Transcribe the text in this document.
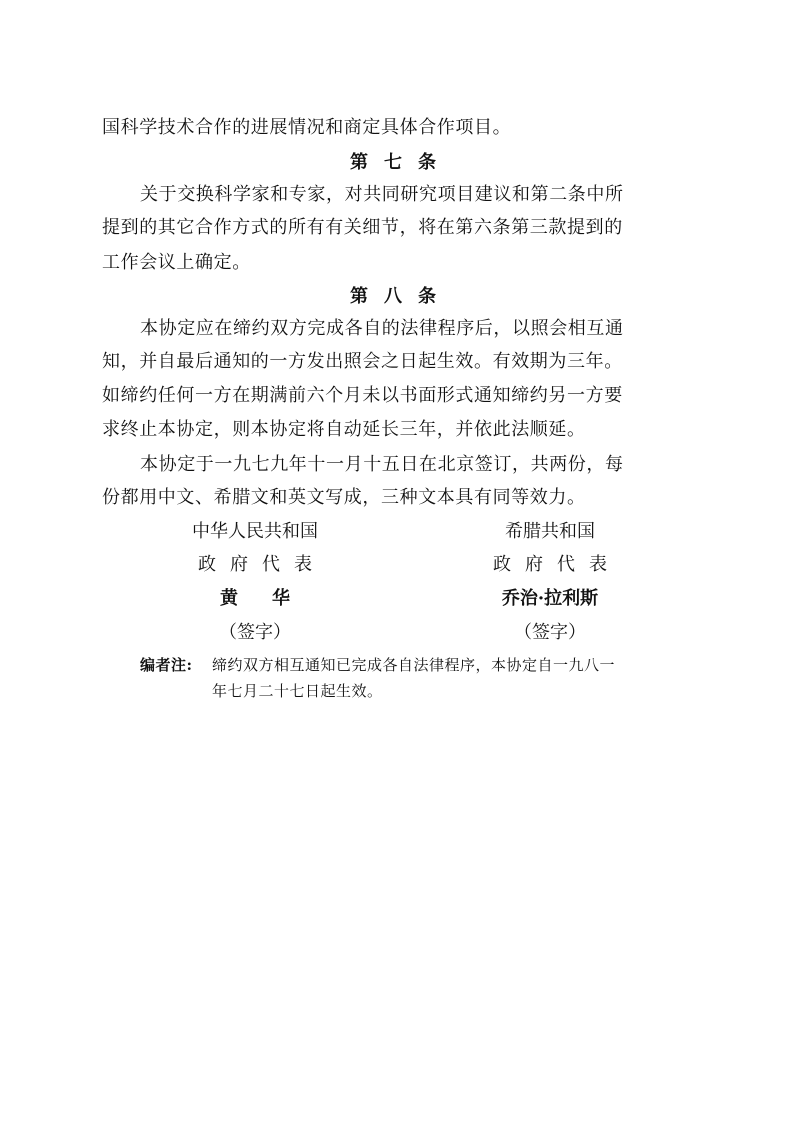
国科学技术合作的进展情况和商定具体合作项目。
第七条
关于交换科学家和专家，对共同研究项目建议和第二条中所
提到的其它合作方式的所有有关细节，将在第六条第三款提到的
工作会议上确定。
第八条
本协定应在缔约双方完成各自的法律程序后，以照会相互通
知，并自最后通知的一方发出照会之日起生效。有效期为三年。
如缔约任何一方在期满前六个月未以书面形式通知缔约另一方要
求终止本协定，则本协定将自动延长三年，并依此法顺延。
本协定于一九七九年十一月十五日在北京签订，共两份，每
份都用中文、希腊文和英文写成，三种文本具有同等效力。
中华人民共和国	希腊共和国
政府代表	政府代表
黄华	乔治·拉利斯
（签字）	（签字）
编者注: 缔约双方相互通知已完成各自法律程序，本协定自一九八一
年七月二十七日起生效。
